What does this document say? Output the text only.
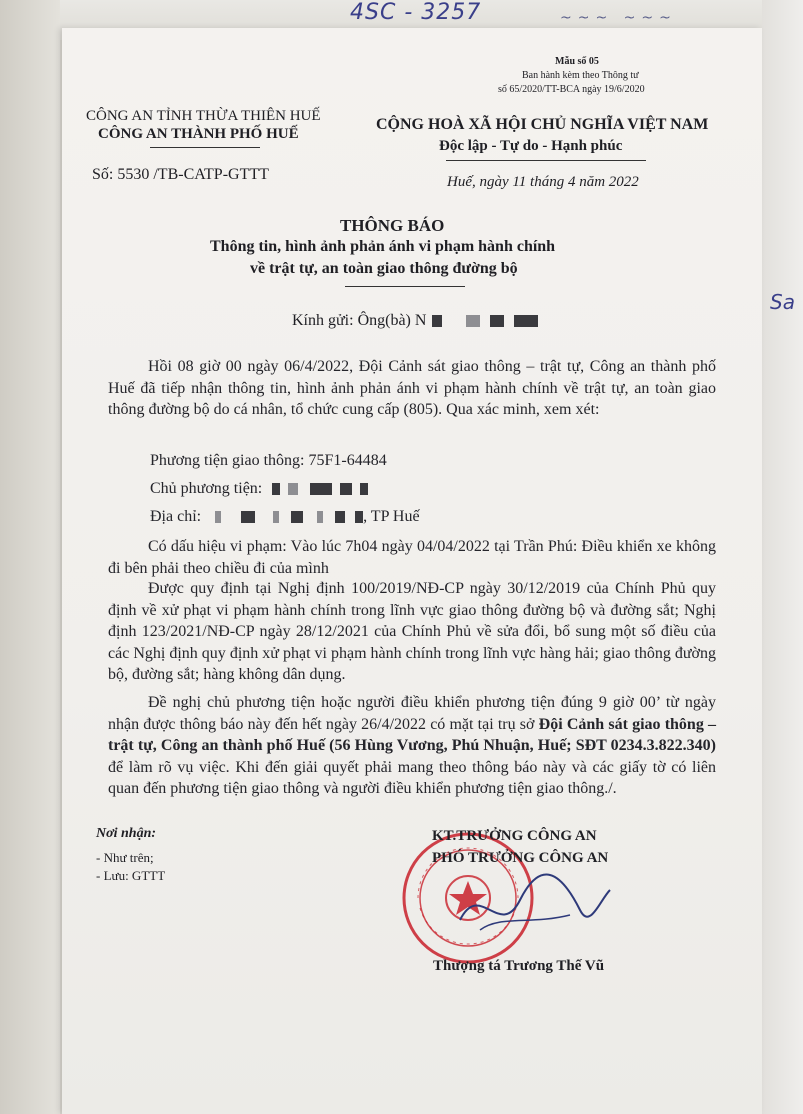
4SC - 3257	~~~ ~~~
Sa
Mẫu số 05
Ban hành kèm theo Thông tư
số 65/2020/TT-BCA ngày 19/6/2020
CÔNG AN TỈNH THỪA THIÊN HUẾ
CÔNG AN THÀNH PHỐ HUẾ
CỘNG HOÀ XÃ HỘI CHỦ NGHĨA VIỆT NAM
Độc lập - Tự do - Hạnh phúc
Số: 5530 /TB-CATP-GTTT	Huế, ngày 11 tháng 4 năm 2022
THÔNG BÁO
Thông tin, hình ảnh phản ánh vi phạm hành chính
về trật tự, an toàn giao thông đường bộ
Kính gửi: Ông(bà) N

Hồi 08 giờ 00 ngày 06/4/2022, Đội Cảnh sát giao thông – trật tự, Công an thành phố Huế đã tiếp nhận thông tin, hình ảnh phản ánh vi phạm hành chính về trật tự, an toàn giao thông đường bộ do cá nhân, tổ chức cung cấp (805). Qua xác minh, xem xét:

Phương tiện giao thông: 75F1-64484
Chủ phương tiện:
Địa chỉ:	, TP Huế

Có dấu hiệu vi phạm: Vào lúc 7h04 ngày 04/04/2022 tại Trần Phú: Điều khiển xe không đi bên phải theo chiều đi của mình

Được quy định tại Nghị định 100/2019/NĐ-CP ngày 30/12/2019 của Chính Phủ quy định về xử phạt vi phạm hành chính trong lĩnh vực giao thông đường bộ và đường sắt; Nghị định 123/2021/NĐ-CP ngày 28/12/2021 của Chính Phủ về sửa đổi, bổ sung một số điều của các Nghị định quy định xử phạt vi phạm hành chính trong lĩnh vực hàng hải; giao thông đường bộ, đường sắt; hàng không dân dụng.

Đề nghị chủ phương tiện hoặc người điều khiển phương tiện đúng 9 giờ 00’ từ ngày nhận được thông báo này đến hết ngày 26/4/2022 có mặt tại trụ sở Đội Cảnh sát giao thông – trật tự, Công an thành phố Huế (56 Hùng Vương, Phú Nhuận, Huế; SĐT 0234.3.822.340) để làm rõ vụ việc. Khi đến giải quyết phải mang theo thông báo này và các giấy tờ có liên quan đến phương tiện giao thông và người điều khiển phương tiện giao thông./.

Nơi nhận:
- Như trên;
- Lưu: GTTT
KT.TRƯỞNG CÔNG AN
PHÓ TRƯỞNG CÔNG AN
Thượng tá Trương Thế Vũ
